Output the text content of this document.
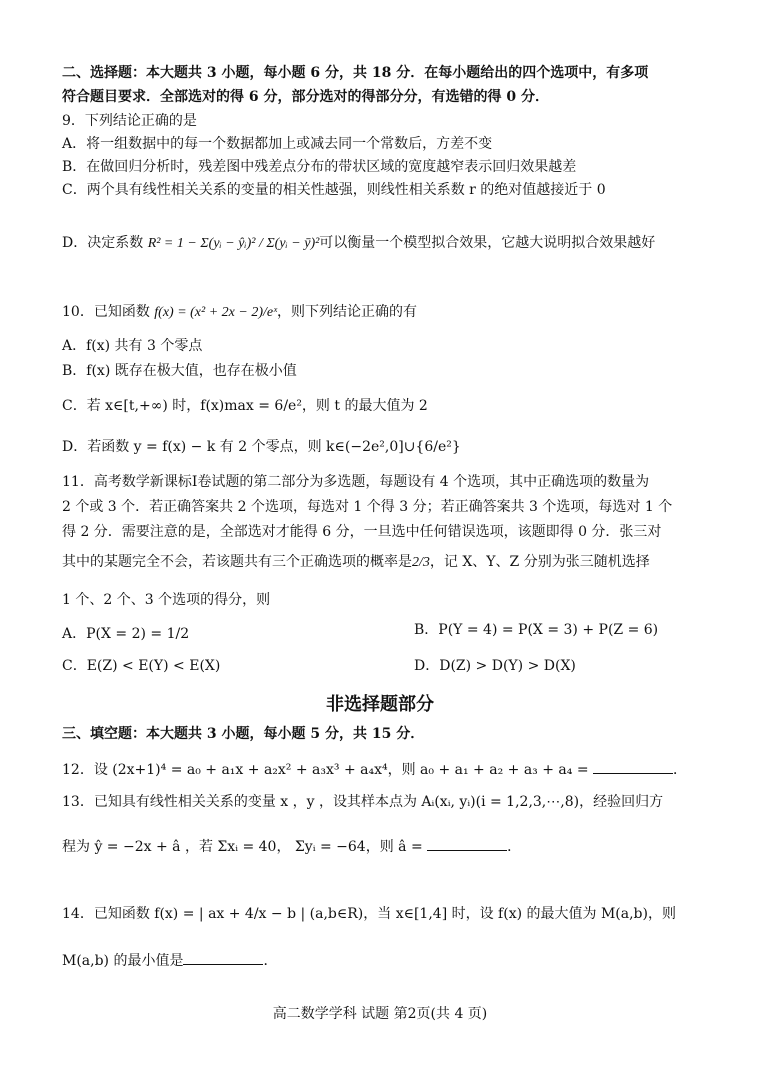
二、选择题：本大题共 3 小题，每小题 6 分，共 18 分．在每小题给出的四个选项中，有多项
符合题目要求．全部选对的得 6 分，部分选对的得部分分，有选错的得 0 分．
9．下列结论正确的是
A．将一组数据中的每一个数据都加上或减去同一个常数后，方差不变
B．在做回归分析时，残差图中残差点分布的带状区域的宽度越窄表示回归效果越差
C．两个具有线性相关关系的变量的相关性越强，则线性相关系数 r 的绝对值越接近于 0
D．决定系数 R² = 1 − Σ(yᵢ − ŷᵢ)² / Σ(yᵢ − ȳ)²可以衡量一个模型拟合效果，它越大说明拟合效果越好
10．已知函数 f(x) = (x² + 2x − 2)/eˣ，则下列结论正确的有
A．f(x) 共有 3 个零点
B．f(x) 既存在极大值，也存在极小值
C．若 x∈[t,+∞) 时，f(x)max = 6/e²，则 t 的最大值为 2
D．若函数 y = f(x) − k 有 2 个零点，则 k∈(−2e²,0]∪{6/e²}
11．高考数学新课标Ⅰ卷试题的第二部分为多选题，每题设有 4 个选项，其中正确选项的数量为
2 个或 3 个．若正确答案共 2 个选项，每选对 1 个得 3 分；若正确答案共 3 个选项，每选对 1 个
得 2 分．需要注意的是，全部选对才能得 6 分，一旦选中任何错误选项，该题即得 0 分．张三对
其中的某题完全不会，若该题共有三个正确选项的概率是2/3，记 X、Y、Z 分别为张三随机选择
1 个、2 个、3 个选项的得分，则
A．P(X = 2) = 1/2	B．P(Y = 4) = P(X = 3) + P(Z = 6)
C．E(Z) < E(Y) < E(X)	D．D(Z) > D(Y) > D(X)
非选择题部分
三、填空题：本大题共 3 小题，每小题 5 分，共 15 分．
12．设 (2x+1)⁴ = a₀ + a₁x + a₂x² + a₃x³ + a₄x⁴，则 a₀ + a₁ + a₂ + a₃ + a₄ =	．
13．已知具有线性相关关系的变量 x ，y ，设其样本点为 Aᵢ(xᵢ, yᵢ)(i = 1,2,3,⋯,8)，经验回归方
程为 ŷ = −2x + â ，若 Σxᵢ = 40， Σyᵢ = −64，则 â =	．
14．已知函数 f(x) = | ax + 4/x − b | (a,b∈R)，当 x∈[1,4] 时，设 f(x) 的最大值为 M(a,b)，则
M(a,b) 的最小值是	．
高二数学学科 试题 第2页(共 4 页)
